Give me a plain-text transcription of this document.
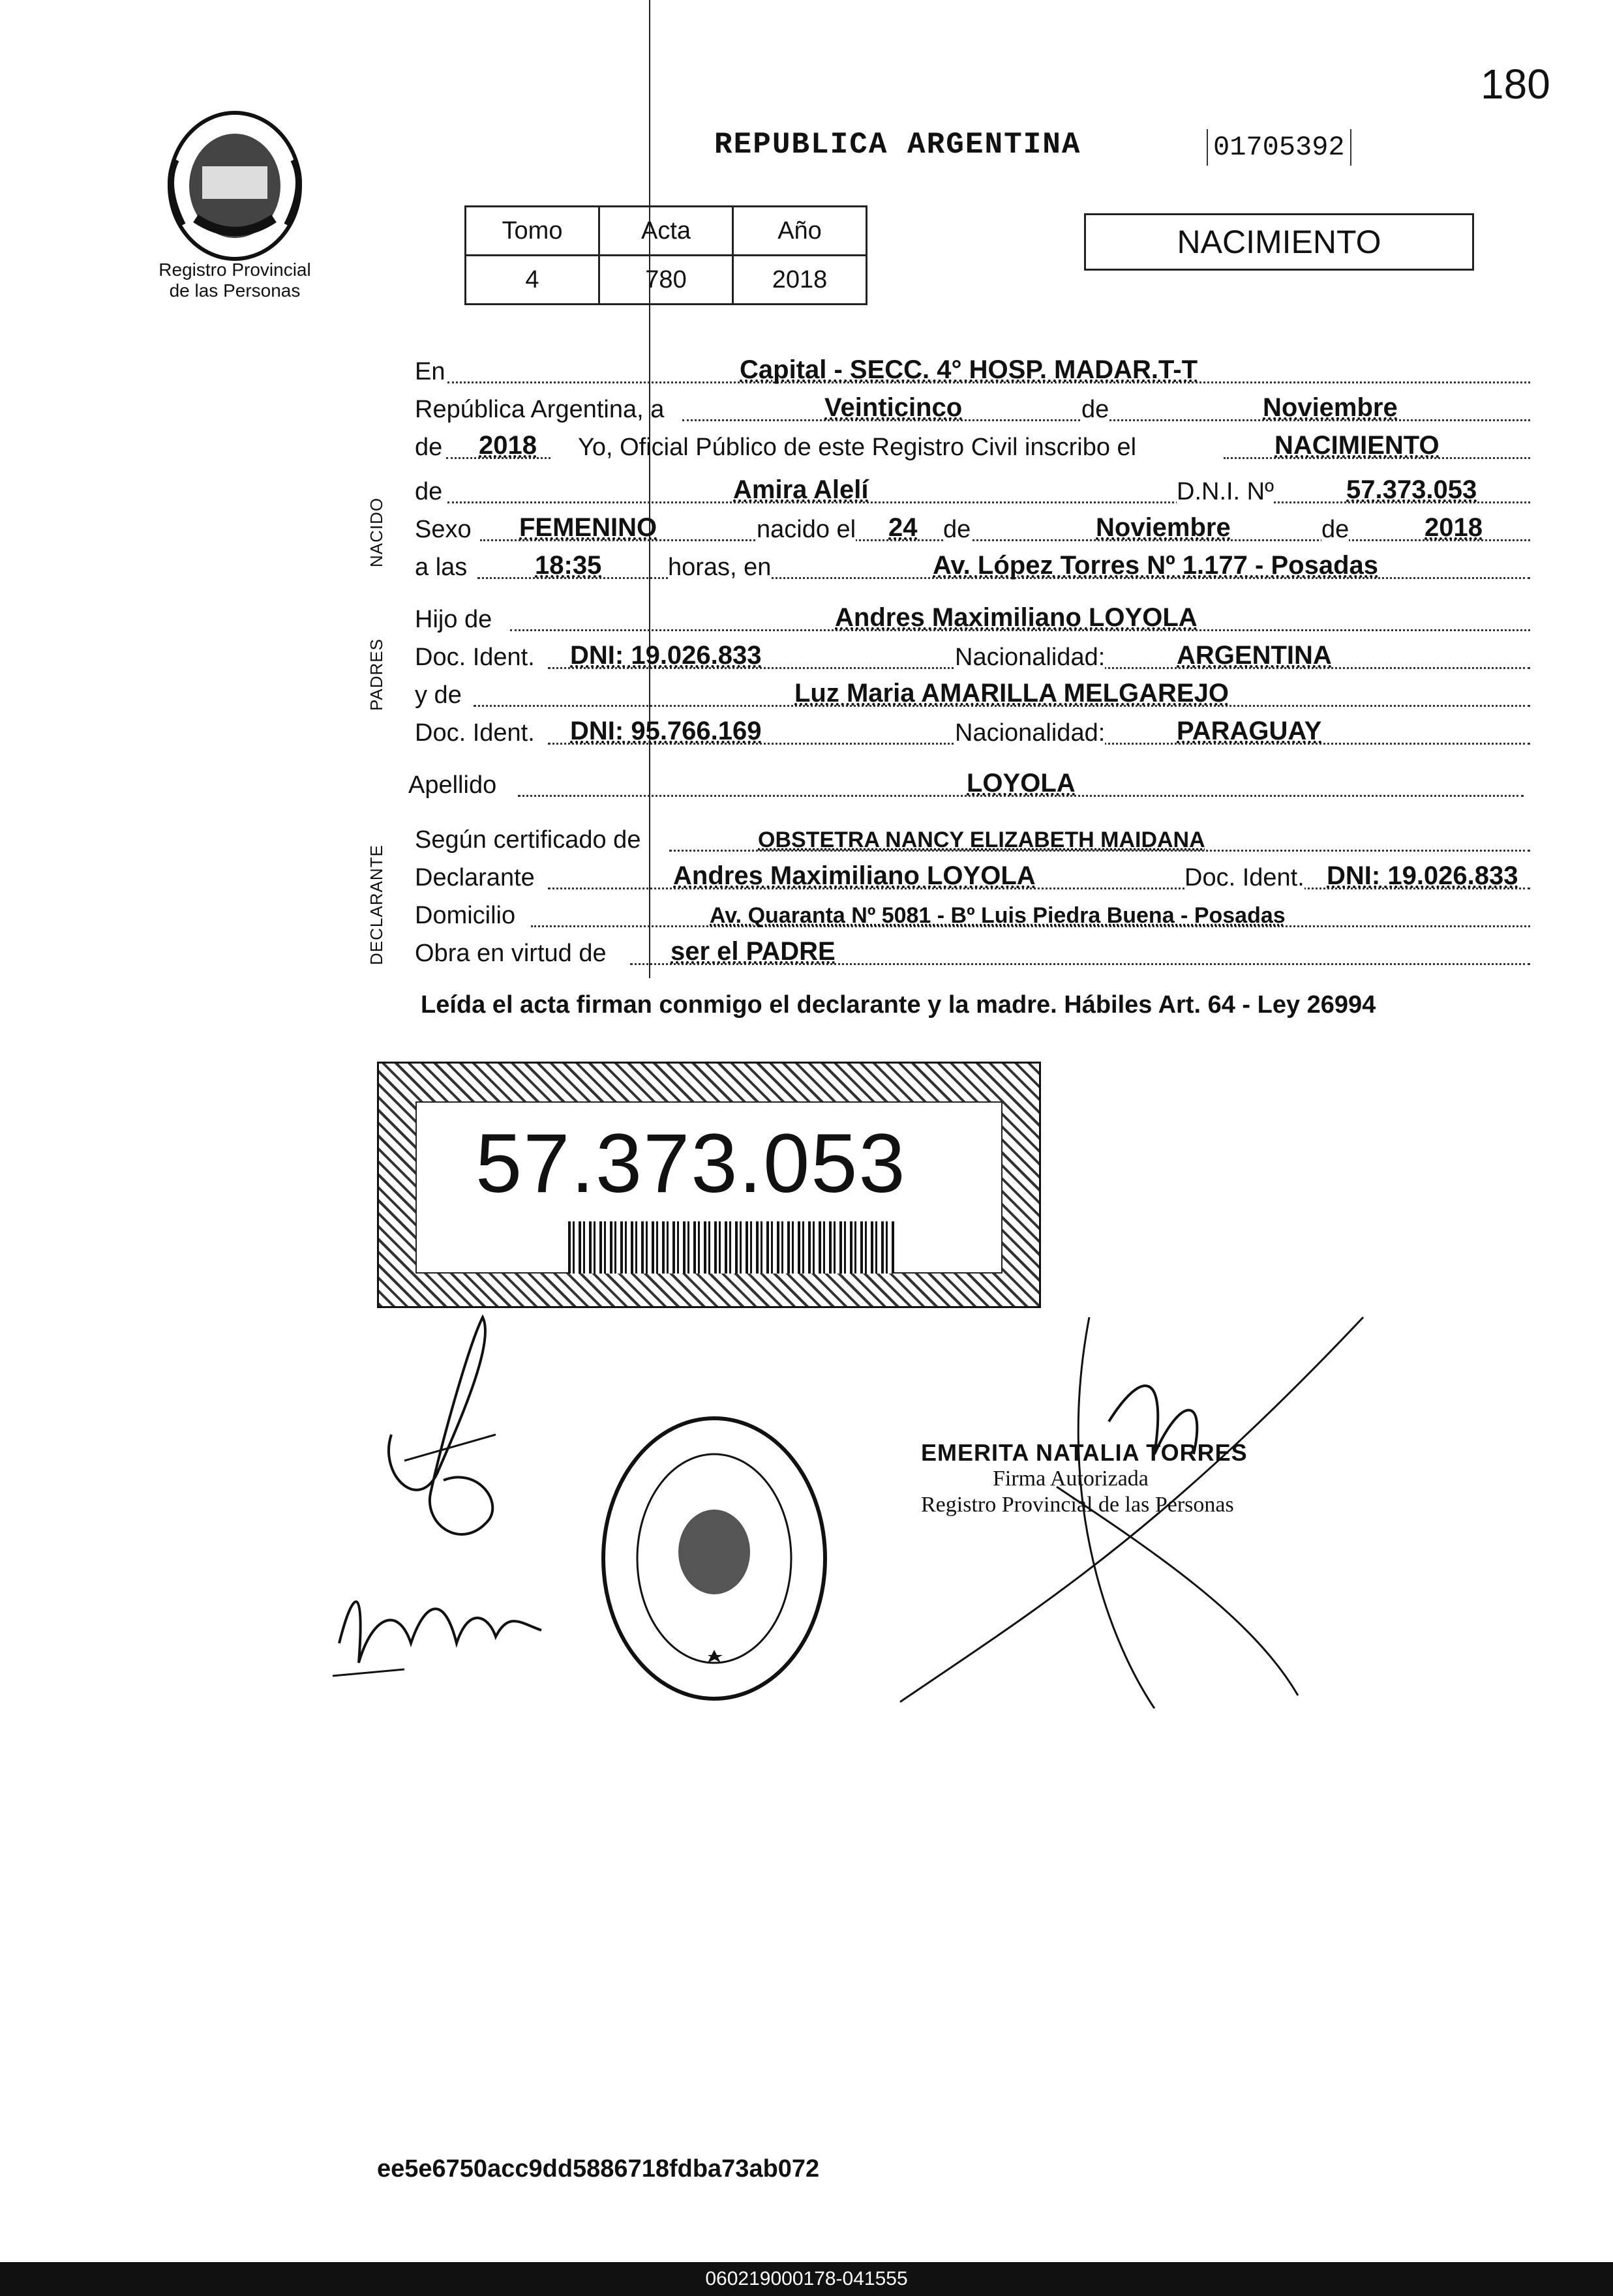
180
Registro Provincial
de las Personas
REPUBLICA ARGENTINA	01705392
Tomo	Acta	Año
4	780	2018
NACIMIENTO
NACIDO
PADRES
DECLARANTE
En	Capital - SECC. 4° HOSP. MADAR.T-T
República Argentina, a	Veinticinco	de	Noviembre
de 2018 Yo, Oficial Público de este Registro Civil inscribo el	NACIMIENTO
de	Amira Alelí	D.N.I. Nº	57.373.053
Sexo FEMENINO	nacido el 24 de	Noviembre	de	2018
a las	18:35	horas, en	Av. López Torres Nº 1.177 - Posadas
Hijo de	Andres Maximiliano LOYOLA
Doc. Ident. DNI: 19.026.833	Nacionalidad:	ARGENTINA
y de	Luz Maria AMARILLA MELGAREJO
Doc. Ident. DNI: 95.766.169	Nacionalidad:	PARAGUAY
Apellido	LOYOLA
Según certificado de	OBSTETRA NANCY ELIZABETH MAIDANA
Declarante	Andres Maximiliano LOYOLA	Doc. Ident. DNI: 19.026.833
Domicilio	Av. Quaranta Nº 5081 - Bº Luis Piedra Buena - Posadas
Obra en virtud de ser el PADRE
Leída el acta firman conmigo el declarante y la madre. Hábiles Art. 64 - Ley 26994
57.373.053
EMERITA NATALIA TORRES
Firma Autorizada
Registro Provincial de las Personas
ee5e6750acc9dd5886718fdba73ab072
060219000178-041555
